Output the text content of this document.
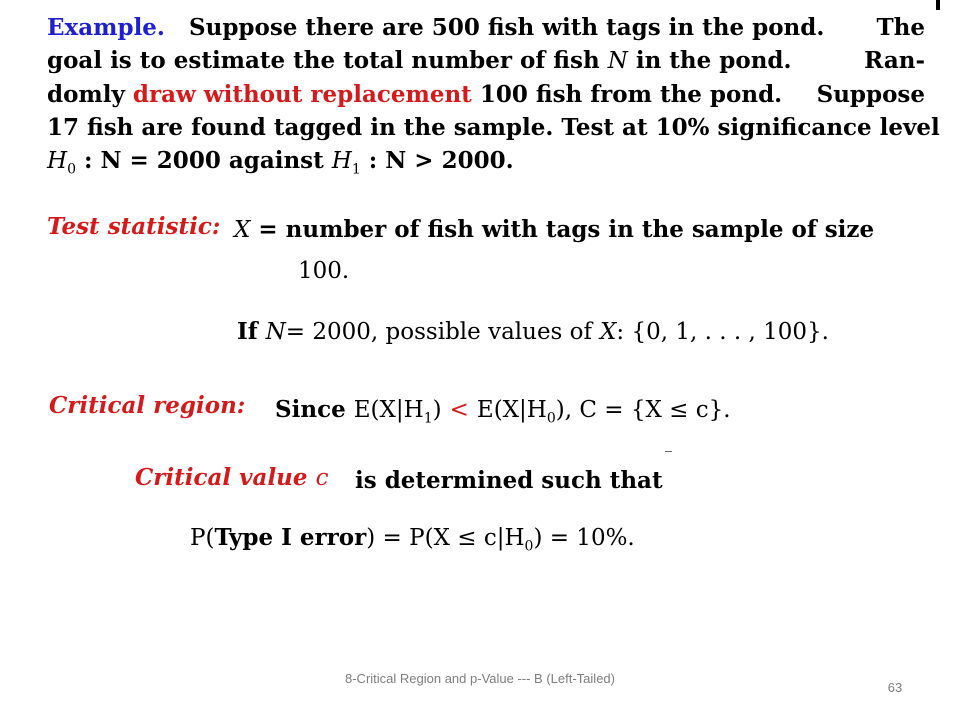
Example. Suppose there are 500 fish with tags in the pond. The
goal is to estimate the total number of fish N in the pond.	Ran-
domly draw without replacement 100 fish from the pond. Suppose
17 fish are found tagged in the sample. Test at 10% significance level
$H_0$ : N = 2000 against $H_1$ : N > 2000.
Test statistic: X = number of fish with tags in the sample of size
100.
If N= 2000, possible values of X: {0, 1, . . . , 100}.
Critical region: Since $E(X|H_1) < E(X|H_0)$, C = {X ≤ c}.
Critical value c is determined such that
P(Type I error) = $P(X \le c|H_0) = 10\%$.
8-Critical Region and p-Value --- B (Left-Tailed)
63
